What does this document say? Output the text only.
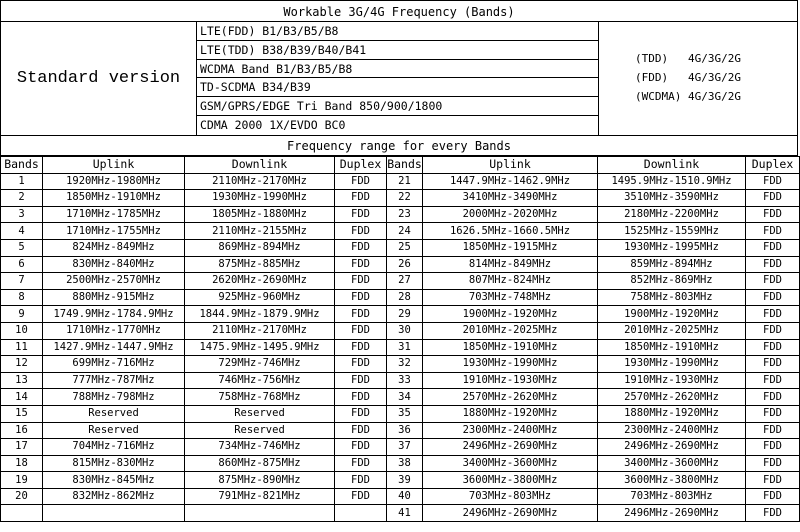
Workable 3G/4G Frequency (Bands)
Standard version
LTE(FDD) B1/B3/B5/B8
LTE(TDD) B38/B39/B40/B41
WCDMA Band B1/B3/B5/B8
TD-SCDMA B34/B39
GSM/GPRS/EDGE Tri Band 850/900/1800
CDMA 2000 1X/EVDO BC0
(TDD)   4G/3G/2G
(FDD)   4G/3G/2G
(WCDMA) 4G/3G/2G
Frequency range for every Bands
Bands	Uplink	Downlink	Duplex	Bands	Uplink	Downlink	Duplex
1	1920MHz-1980MHz	2110MHz-2170MHz	FDD	21	1447.9MHz-1462.9MHz	1495.9MHz-1510.9MHz	FDD
2	1850MHz-1910MHz	1930MHz-1990MHz	FDD	22	3410MHz-3490MHz	3510MHz-3590MHz	FDD
3	1710MHz-1785MHz	1805MHz-1880MHz	FDD	23	2000MHz-2020MHz	2180MHz-2200MHz	FDD
4	1710MHz-1755MHz	2110MHz-2155MHz	FDD	24	1626.5MHz-1660.5MHz	1525MHz-1559MHz	FDD
5	824MHz-849MHz	869MHz-894MHz	FDD	25	1850MHz-1915MHz	1930MHz-1995MHz	FDD
6	830MHz-840MHz	875MHz-885MHz	FDD	26	814MHz-849MHz	859MHz-894MHz	FDD
7	2500MHz-2570MHz	2620MHz-2690MHz	FDD	27	807MHz-824MHz	852MHz-869MHz	FDD
8	880MHz-915MHz	925MHz-960MHz	FDD	28	703MHz-748MHz	758MHz-803MHz	FDD
9	1749.9MHz-1784.9MHz	1844.9MHz-1879.9MHz	FDD	29	1900MHz-1920MHz	1900MHz-1920MHz	FDD
10	1710MHz-1770MHz	2110MHz-2170MHz	FDD	30	2010MHz-2025MHz	2010MHz-2025MHz	FDD
11	1427.9MHz-1447.9MHz	1475.9MHz-1495.9MHz	FDD	31	1850MHz-1910MHz	1850MHz-1910MHz	FDD
12	699MHz-716MHz	729MHz-746MHz	FDD	32	1930MHz-1990MHz	1930MHz-1990MHz	FDD
13	777MHz-787MHz	746MHz-756MHz	FDD	33	1910MHz-1930MHz	1910MHz-1930MHz	FDD
14	788MHz-798MHz	758MHz-768MHz	FDD	34	2570MHz-2620MHz	2570MHz-2620MHz	FDD
15	Reserved	Reserved	FDD	35	1880MHz-1920MHz	1880MHz-1920MHz	FDD
16	Reserved	Reserved	FDD	36	2300MHz-2400MHz	2300MHz-2400MHz	FDD
17	704MHz-716MHz	734MHz-746MHz	FDD	37	2496MHz-2690MHz	2496MHz-2690MHz	FDD
18	815MHz-830MHz	860MHz-875MHz	FDD	38	3400MHz-3600MHz	3400MHz-3600MHz	FDD
19	830MHz-845MHz	875MHz-890MHz	FDD	39	3600MHz-3800MHz	3600MHz-3800MHz	FDD
20	832MHz-862MHz	791MHz-821MHz	FDD	40	703MHz-803MHz	703MHz-803MHz	FDD
				41	2496MHz-2690MHz	2496MHz-2690MHz	FDD
